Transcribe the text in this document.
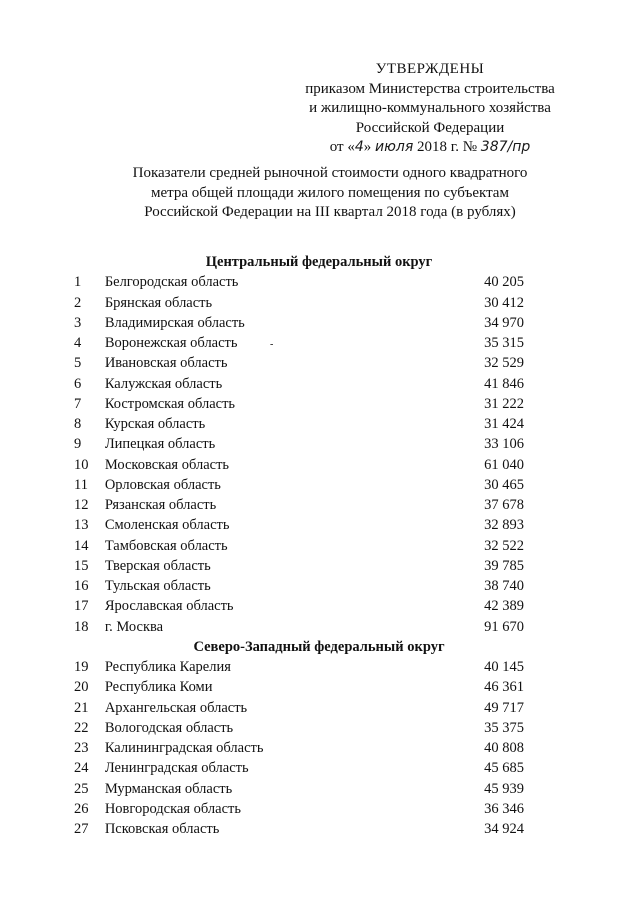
УТВЕРЖДЕНЫ
приказом Министерства строительства
и жилищно-коммунального хозяйства
Российской Федерации
от «4» июля 2018 г. № 387/пр
Показатели средней рыночной стоимости одного квадратного
метра общей площади жилого помещения по субъектам
Российской Федерации на III квартал 2018 года (в рублях)
-
Центральный федеральный округ		
1	Белгородская область	40 205
2	Брянская область	30 412
3	Владимирская область	34 970
4	Воронежская область	35 315
5	Ивановская область	32 529
6	Калужская область	41 846
7	Костромская область	31 222
8	Курская область	31 424
9	Липецкая область	33 106
10	Московская область	61 040
11	Орловская область	30 465
12	Рязанская область	37 678
13	Смоленская область	32 893
14	Тамбовская область	32 522
15	Тверская область	39 785
16	Тульская область	38 740
17	Ярославская область	42 389
18	г. Москва	91 670
Северо-Западный федеральный округ		
19	Республика Карелия	40 145
20	Республика Коми	46 361
21	Архангельская область	49 717
22	Вологодская область	35 375
23	Калининградская область	40 808
24	Ленинградская область	45 685
25	Мурманская область	45 939
26	Новгородская область	36 346
27	Псковская область	34 924
